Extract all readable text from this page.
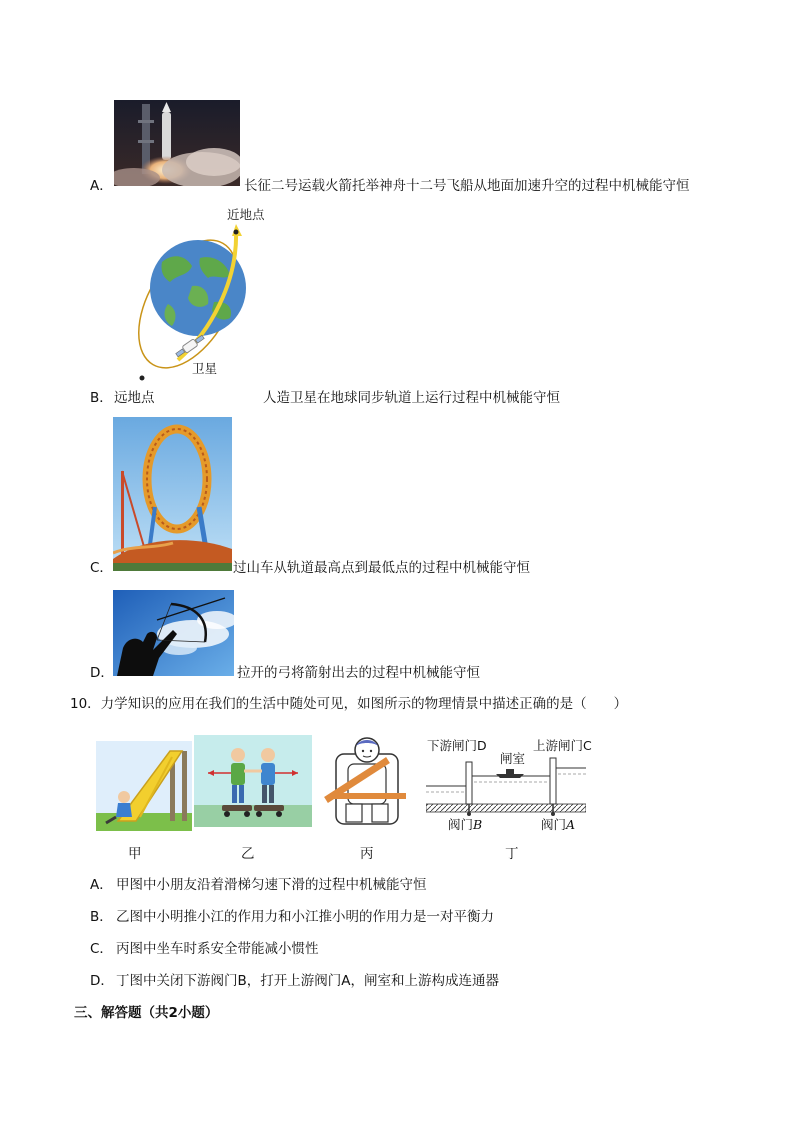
A．	长征二号运载火箭托举神舟十二号飞船从地面加速升空的过程中机械能守恒
近地点
卫星
B． 远地点	人造卫星在地球同步轨道上运行过程中机械能守恒
C．	过山车从轨道最高点到最低点的过程中机械能守恒
D．	拉开的弓将箭射出去的过程中机械能守恒
10．力学知识的应用在我们的生活中随处可见，如图所示的物理情景中描述正确的是（　　）
甲	乙	丙
下游闸门D
闸室
上游闸门C
阀门B	阀门A
丁
A． 甲图中小朋友沿着滑梯匀速下滑的过程中机械能守恒
B． 乙图中小明推小江的作用力和小江推小明的作用力是一对平衡力
C． 丙图中坐车时系安全带能减小惯性
D． 丁图中关闭下游阀门B，打开上游阀门A，闸室和上游构成连通器
三、解答题（共2小题）
